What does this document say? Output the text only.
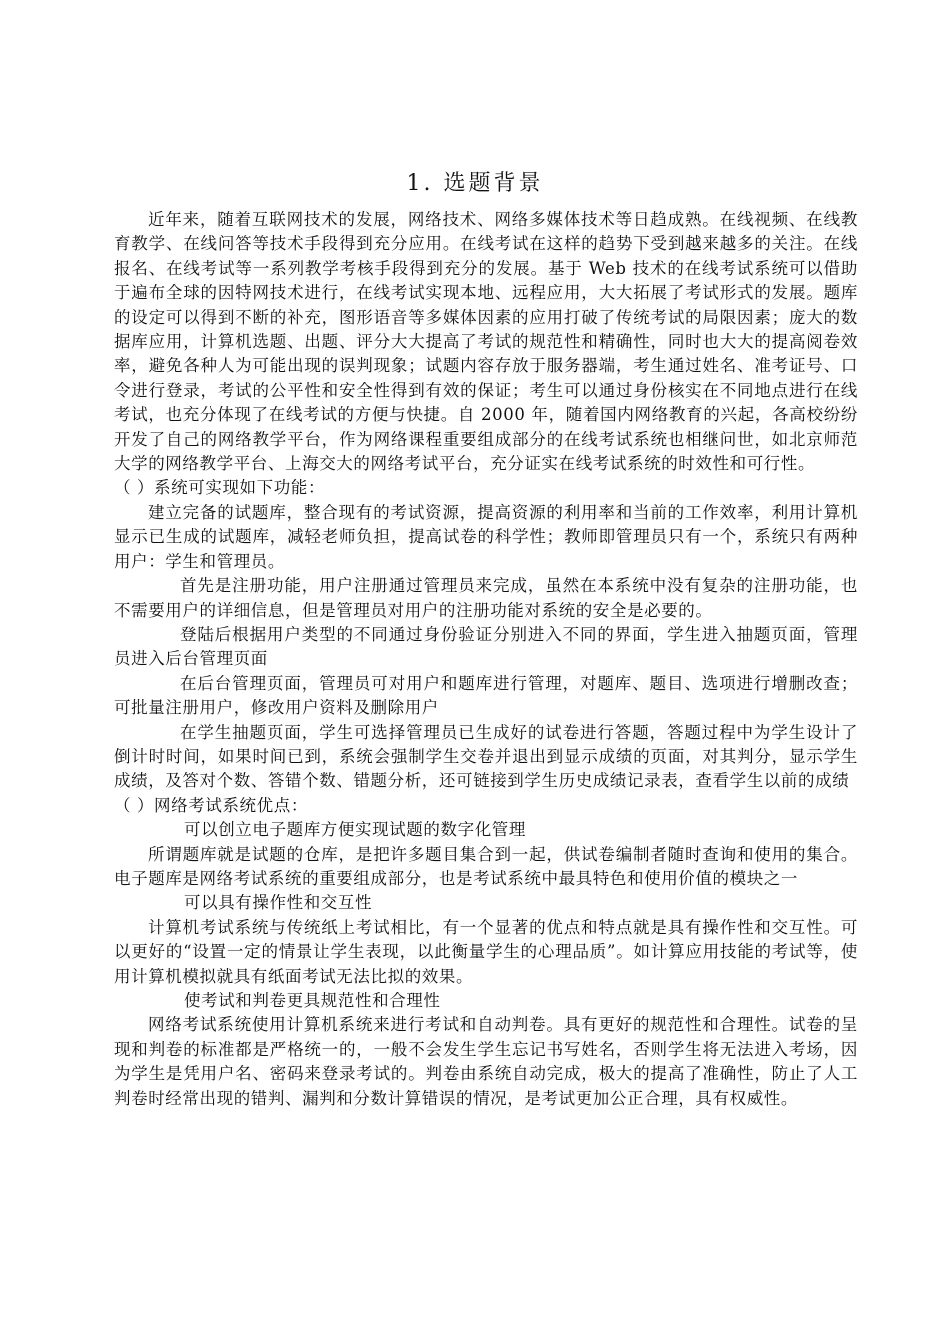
1. 选题背景

近年来，随着互联网技术的发展，网络技术、网络多媒体技术等日趋成熟。在线视频、在线教育教学、在线问答等技术手段得到充分应用。在线考试在这样的趋势下受到越来越多的关注。在线报名、在线考试等一系列教学考核手段得到充分的发展。基于 Web 技术的在线考试系统可以借助于遍布全球的因特网技术进行，在线考试实现本地、远程应用，大大拓展了考试形式的发展。题库的设定可以得到不断的补充，图形语音等多媒体因素的应用打破了传统考试的局限因素；庞大的数据库应用，计算机选题、出题、评分大大提高了考试的规范性和精确性，同时也大大的提高阅卷效率，避免各种人为可能出现的误判现象；试题内容存放于服务器端，考生通过姓名、准考证号、口令进行登录，考试的公平性和安全性得到有效的保证；考生可以通过身份核实在不同地点进行在线考试，也充分体现了在线考试的方便与快捷。自 2000 年，随着国内网络教育的兴起，各高校纷纷开发了自己的网络教学平台，作为网络课程重要组成部分的在线考试系统也相继问世，如北京师范大学的网络教学平台、上海交大的网络考试平台，充分证实在线考试系统的时效性和可行性。

（ ）系统可实现如下功能：

建立完备的试题库，整合现有的考试资源，提高资源的利用率和当前的工作效率，利用计算机显示已生成的试题库，减轻老师负担，提高试卷的科学性；教师即管理员只有一个，系统只有两种用户：学生和管理员。

首先是注册功能，用户注册通过管理员来完成，虽然在本系统中没有复杂的注册功能，也不需要用户的详细信息，但是管理员对用户的注册功能对系统的安全是必要的。

登陆后根据用户类型的不同通过身份验证分别进入不同的界面，学生进入抽题页面，管理员进入后台管理页面

在后台管理页面，管理员可对用户和题库进行管理，对题库、题目、选项进行增删改查；可批量注册用户，修改用户资料及删除用户

在学生抽题页面，学生可选择管理员已生成好的试卷进行答题，答题过程中为学生设计了倒计时时间，如果时间已到，系统会强制学生交卷并退出到显示成绩的页面，对其判分，显示学生成绩，及答对个数、答错个数、错题分析，还可链接到学生历史成绩记录表，查看学生以前的成绩

（ ）网络考试系统优点：

可以创立电子题库方便实现试题的数字化管理

所谓题库就是试题的仓库，是把许多题目集合到一起，供试卷编制者随时查询和使用的集合。电子题库是网络考试系统的重要组成部分，也是考试系统中最具特色和使用价值的模块之一

可以具有操作性和交互性

计算机考试系统与传统纸上考试相比，有一个显著的优点和特点就是具有操作性和交互性。可以更好的“设置一定的情景让学生表现，以此衡量学生的心理品质”。如计算应用技能的考试等，使用计算机模拟就具有纸面考试无法比拟的效果。

使考试和判卷更具规范性和合理性

网络考试系统使用计算机系统来进行考试和自动判卷。具有更好的规范性和合理性。试卷的呈现和判卷的标准都是严格统一的，一般不会发生学生忘记书写姓名，否则学生将无法进入考场，因为学生是凭用户名、密码来登录考试的。判卷由系统自动完成，极大的提高了准确性，防止了人工判卷时经常出现的错判、漏判和分数计算错误的情况，是考试更加公正合理，具有权威性。
